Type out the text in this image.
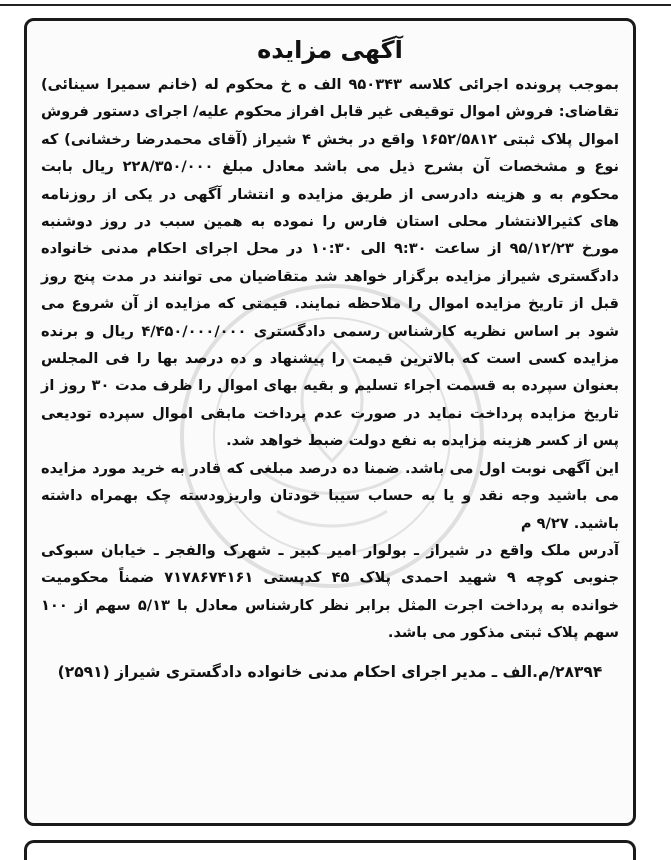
آگهی مزایده

بموجب پرونده اجرائی کلاسه ۹۵۰۳۴۳ الف ه خ محکوم له (خانم سمیرا سینائی) تقاضای: فروش اموال توقیفی غیر قابل افراز محکوم علیه/ اجرای دستور فروش اموال پلاک ثبتی ۱۶۵۲/۵۸۱۲ واقع در بخش ۴ شیراز (آقای محمدرضا رخشانی) که نوع و مشخصات آن بشرح ذیل می باشد معادل مبلغ ۲۲۸/۳۵۰/۰۰۰ ریال بابت محکوم به و هزینه دادرسی از طریق مزایده و انتشار آگهی در یکی از روزنامه های کثیرالانتشار محلی استان فارس را نموده به همین سبب در روز دوشنبه مورخ ۹۵/۱۲/۲۳ از ساعت ۹:۳۰ الی ۱۰:۳۰ در محل اجرای احکام مدنی خانواده دادگستری شیراز مزایده برگزار خواهد شد متقاضیان می توانند در مدت پنج روز قبل از تاریخ مزایده اموال را ملاحظه نمایند. قیمتی که مزایده از آن شروع می شود بر اساس نظریه کارشناس رسمی دادگستری ۴/۴۵۰/۰۰۰/۰۰۰ ریال و برنده مزایده کسی است که بالاترین قیمت را پیشنهاد و ده درصد بها را فی المجلس بعنوان سپرده به قسمت اجراء تسلیم و بقیه بهای اموال را ظرف مدت ۳۰ روز از تاریخ مزایده پرداخت نماید در صورت عدم پرداخت مابقی اموال سپرده تودیعی پس از کسر هزینه مزایده به نفع دولت ضبط خواهد شد.

این آگهی نوبت اول می باشد. ضمنا ده درصد مبلغی که قادر به خرید مورد مزایده می باشید وجه نقد و یا به حساب سیبا خودتان واریزودسته چک بهمراه داشته باشید. ۹/۲۷ م

آدرس ملک واقع در شیراز ـ بولوار امیر کبیر ـ شهرک والفجر ـ خیابان سبوکی جنوبی کوچه ۹ شهید احمدی پلاک ۴۵ کدپستی ۷۱۷۸۶۷۴۱۶۱ ضمناً محکومیت خوانده به پرداخت اجرت المثل برابر نظر کارشناس معادل با ۵/۱۳ سهم از ۱۰۰ سهم پلاک ثبتی مذکور می باشد.

۲۸۳۹۴/م.الف ـ مدیر اجرای احکام مدنی خانواده دادگستری شیراز (۲۵۹۱)
